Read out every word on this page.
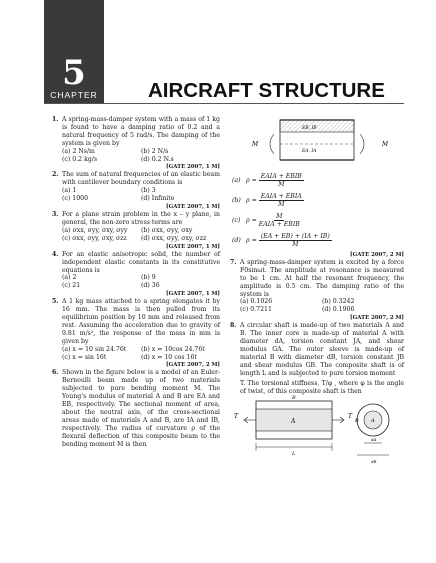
5
CHAPTER	AIRCRAFT STRUCTURE
1. A spring-mass-damper system with a mass of 1 kg is found to have a damping ratio of 0.2 and a natural frequency of 5 rad/s. The damping of the system is given by
(a) 2 Ns/m	(b) 2 N/s
(c) 0.2 kg/s	(d) 0.2 N.s
[GATE 2007, 1 M]
2. The sum of natural frequencies of an elastic beam with cantilever boundary conditions is
(a) 1	(b) 3
(c) 1000	(d) Infinite
[GATE 2007, 1 M]
3. For a plane strain problem in the x – y plane, in general, the non-zero stress terms are
(a) σxx, σyy, σxy, σyy	(b) σxx, σyy, σxy
(c) σxx, σyy, σxy, σzz	(d) σxx, σyy, σxy, σzz
[GATE 2007, 1 M]
4. For an elastic anisotropic solid, the number of independent elastic constants in its constitutive equations is
(a) 2	(b) 9
(c) 21	(d) 36
[GATE 2007, 1 M]
5. A 1 kg mass attached to a spring elongates it by 16 mm. The mass is then pulled from its equilibrium position by 10 mm and released from rest. Assuming the acceleration due to gravity of 9.81 m/s², the response of the mass in mm is given by
(a) x = 10 sin 24.76t	(b) x = 10cos 24.76t
(c) x = sin 16t	(d) x = 10 cos 16t
[GATE 2007, 2 M]
6. Shown in the figure below is a model of an Euler-Bernoulli beam made up of two materials subjected to pure bending moment M. The Young’s modulus of material A and B are EA and EB, respectively. The sectional moment of area, about the neutral axis, of the cross-sectional areas made of materials A and B, are IA and IB, respectively. The radius of curvature ρ of the flexural deflection of this composite beam to the bending moment M is then
M	M
EB, IB
EA, IA
(a) ρ =
$\frac{\text{EAIA + EBIB}}{M}$
(b) ρ =
$\frac{\text{EAIA + EBIA}}{M}$
(c) ρ =
$\frac{M}{\text{EAIA + EBIB}}$
(d) ρ =
$\frac{(EA + EB) + (IA + IB)}{M}$
[GATE 2007, 2 M]
7. A spring-mass-damper system is excited by a force F0sinωt. The amplitude at resonance is measured to be 1 cm. At half the resonant frequency, the amplitude is 0.5 cm. The damping ratio of the system is
(a) 0.1026	(b) 0.3242
(c) 0.7211	(d) 0.1906
[GATE 2007, 2 M]
8. A circular shaft is made-up of two materials A and B. The inner core is made-up of material A with diameter dA, torsion constant JA, and shear modulus GA. The outer sleeve is made-up of material B with diameter dB, torsion constant JB and shear modulus GB. The composite shaft is of length L and is subjected to pure torsion moment
T. The torsional stiffness, T/φ , where φ is the angle of twist, of this composite shaft is then
T	T
B
A
L
B A
dA
dB
